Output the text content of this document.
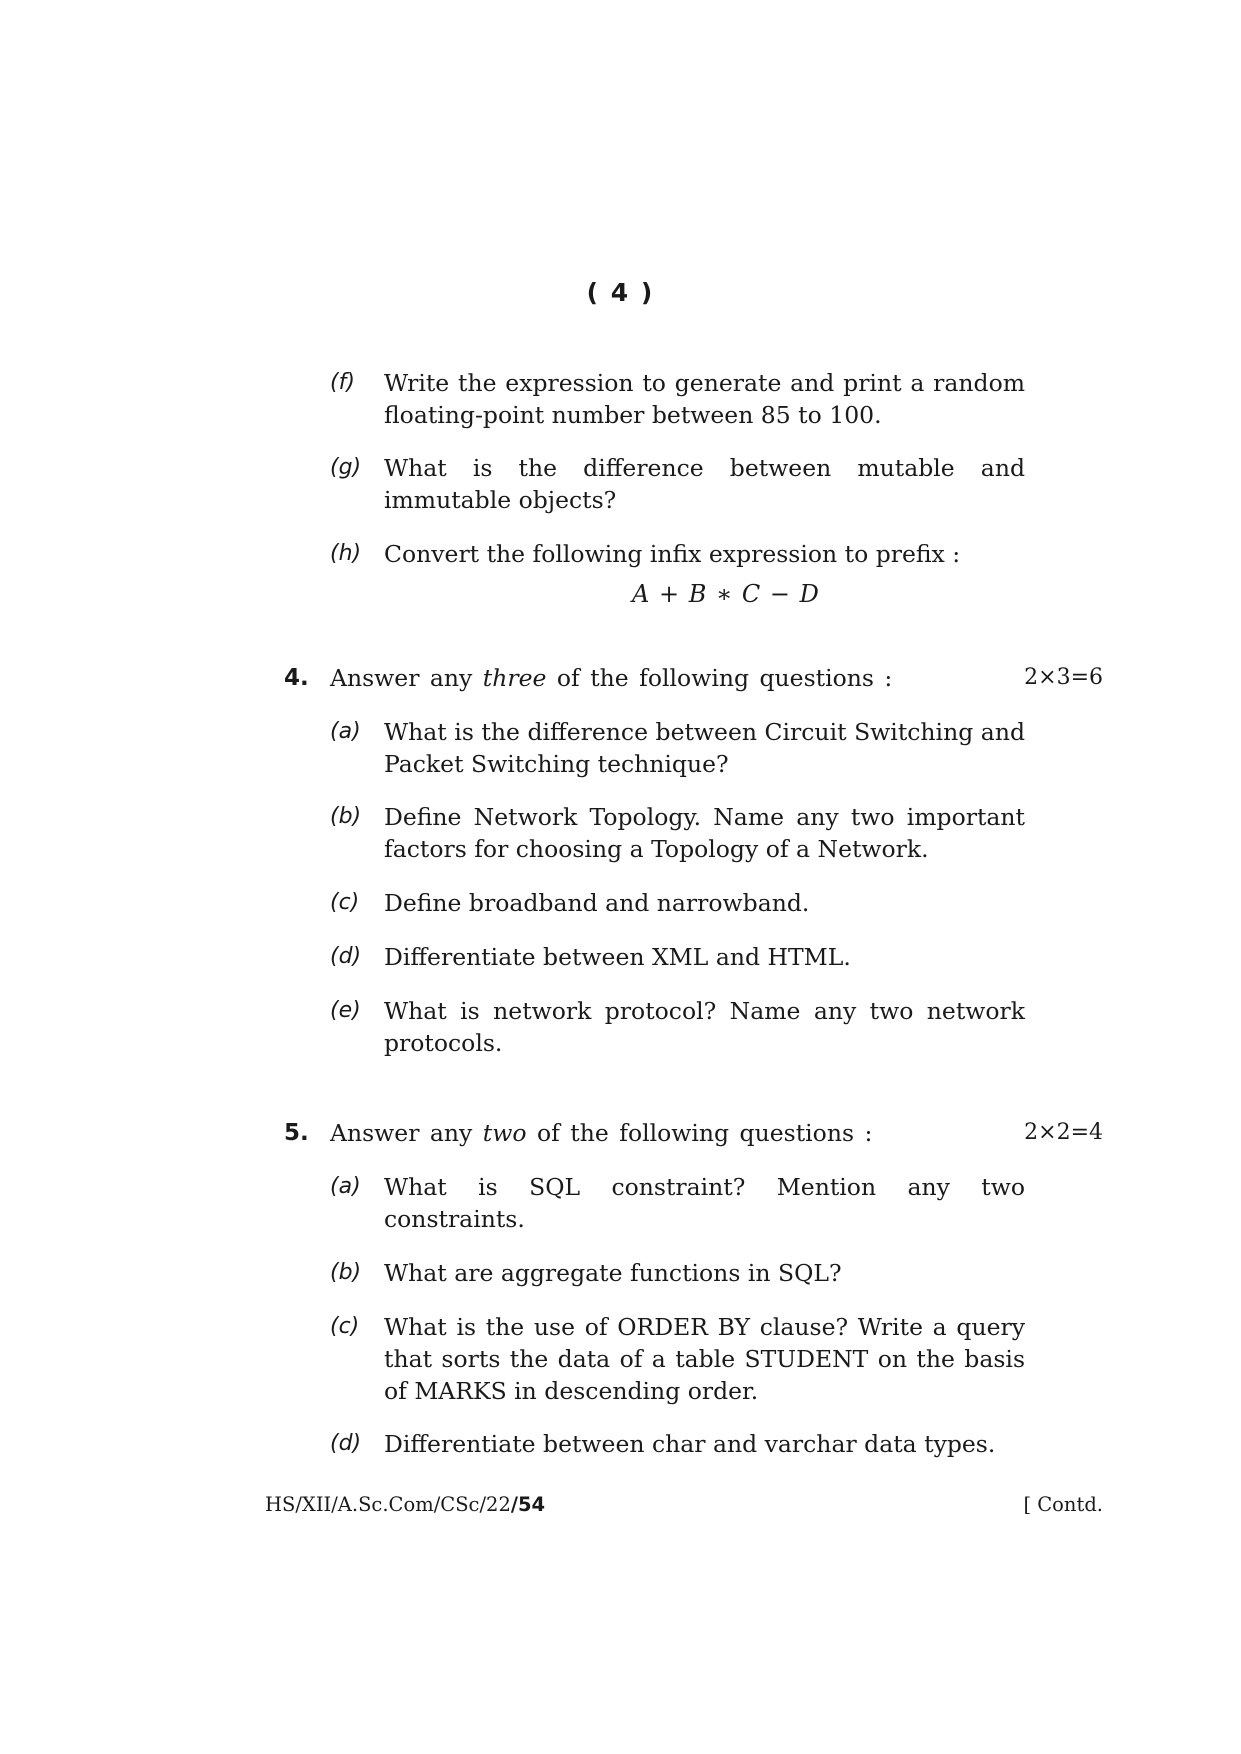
( 4 )
(f) Write the expression to generate and print a random floating-point number between 85 to 100.
(g) What is the difference between mutable and immutable objects?
(h) Convert the following infix expression to prefix :
A + B ∗ C − D
4. Answer any three of the following questions :	2×3=6
(a) What is the difference between Circuit Switching and Packet Switching technique?
(b) Define Network Topology. Name any two important factors for choosing a Topology of a Network.
(c) Define broadband and narrowband.
(d) Differentiate between XML and HTML.
(e) What is network protocol? Name any two network protocols.
5. Answer any two of the following questions :	2×2=4
(a) What is SQL constraint? Mention any two constraints.
(b) What are aggregate functions in SQL?
(c) What is the use of ORDER BY clause? Write a query that sorts the data of a table STUDENT on the basis of MARKS in descending order.
(d) Differentiate between char and varchar data types.
HS/XII/A.Sc.Com/CSc/22/54	[ Contd.
